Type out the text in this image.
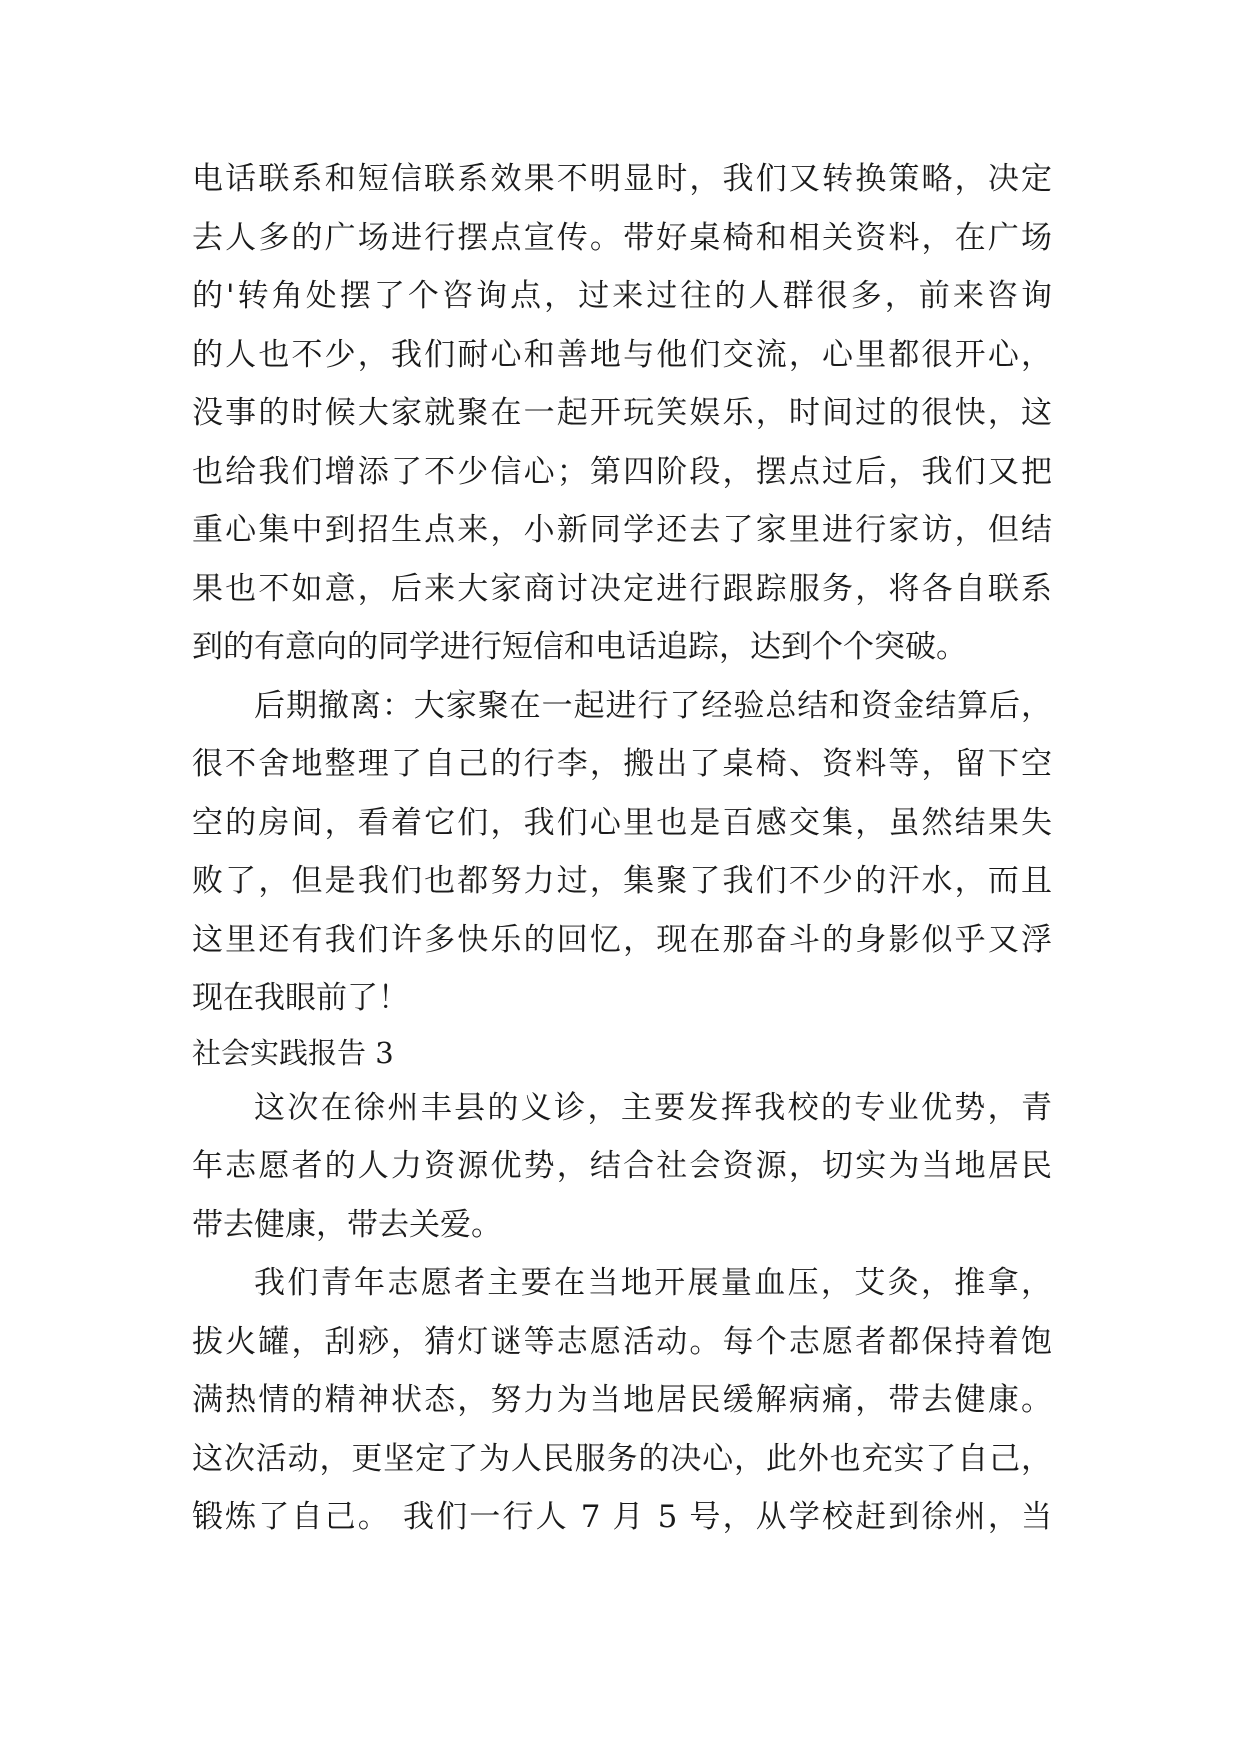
电话联系和短信联系效果不明显时，我们又转换策略，决定
去人多的广场进行摆点宣传。带好桌椅和相关资料，在广场
的'转角处摆了个咨询点，过来过往的人群很多，前来咨询
的人也不少，我们耐心和善地与他们交流，心里都很开心，
没事的时候大家就聚在一起开玩笑娱乐，时间过的很快，这
也给我们增添了不少信心；第四阶段，摆点过后，我们又把
重心集中到招生点来，小新同学还去了家里进行家访，但结
果也不如意，后来大家商讨决定进行跟踪服务，将各自联系
到的有意向的同学进行短信和电话追踪，达到个个突破。
后期撤离：大家聚在一起进行了经验总结和资金结算后，
很不舍地整理了自己的行李，搬出了桌椅、资料等，留下空
空的房间，看着它们，我们心里也是百感交集，虽然结果失
败了，但是我们也都努力过，集聚了我们不少的汗水，而且
这里还有我们许多快乐的回忆，现在那奋斗的身影似乎又浮
现在我眼前了！
社会实践报告 3
这次在徐州丰县的义诊，主要发挥我校的专业优势，青
年志愿者的人力资源优势，结合社会资源，切实为当地居民
带去健康，带去关爱。
我们青年志愿者主要在当地开展量血压，艾灸，推拿，
拔火罐，刮痧，猜灯谜等志愿活动。每个志愿者都保持着饱
满热情的精神状态，努力为当地居民缓解病痛，带去健康。
这次活动，更坚定了为人民服务的决心，此外也充实了自己，
锻炼了自己。 我们一行人 7 月 5 号，从学校赶到徐州，当
